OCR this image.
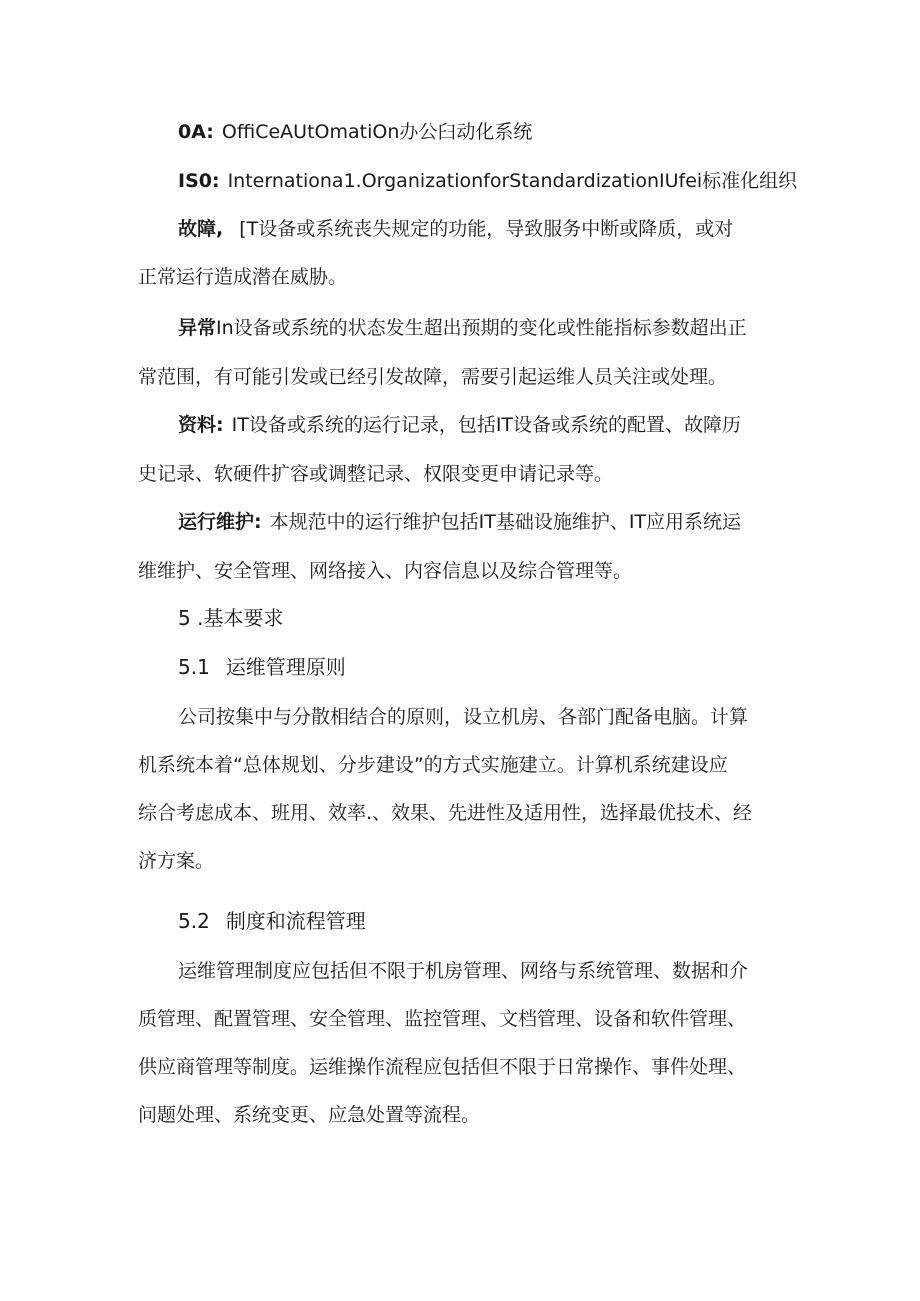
0A: OffiCeAUtOmatiOn办公臼动化系统
IS0: Internationa1.OrganizationforStandardizationIUfei标准化组织
故障, [T设备或系统丧失规定的功能，导致服务中断或降质，或对
正常运行造成潜在威胁。
异常In设备或系统的状态发生超出预期的变化或性能指标参数超出正
常范围，有可能引发或已经引发故障，需要引起运维人员关注或处理。
资料: IT设备或系统的运行记录，包括IT设备或系统的配置、故障历
史记录、软硬件扩容或调整记录、权限变更申请记录等。
运行维护: 本规范中的运行维护包括IT基础设施维护、IT应用系统运
维维护、安全管理、网络接入、内容信息以及综合管理等。
5 .基本要求
5.1 运维管理原则
公司按集中与分散相结合的原则，设立机房、各部门配备电脑。计算
机系统本着“总体规划、分步建设”的方式实施建立。计算机系统建设应
综合考虑成本、班用、效率.、效果、先进性及适用性，选择最优技术、经
济方案。
5.2 制度和流程管理
运维管理制度应包括但不限于机房管理、网络与系统管理、数据和介
质管理、配置管理、安全管理、监控管理、文档管理、设备和软件管理、
供应商管理等制度。运维操作流程应包括但不限于日常操作、事件处理、
问题处理、系统变更、应急处置等流程。
